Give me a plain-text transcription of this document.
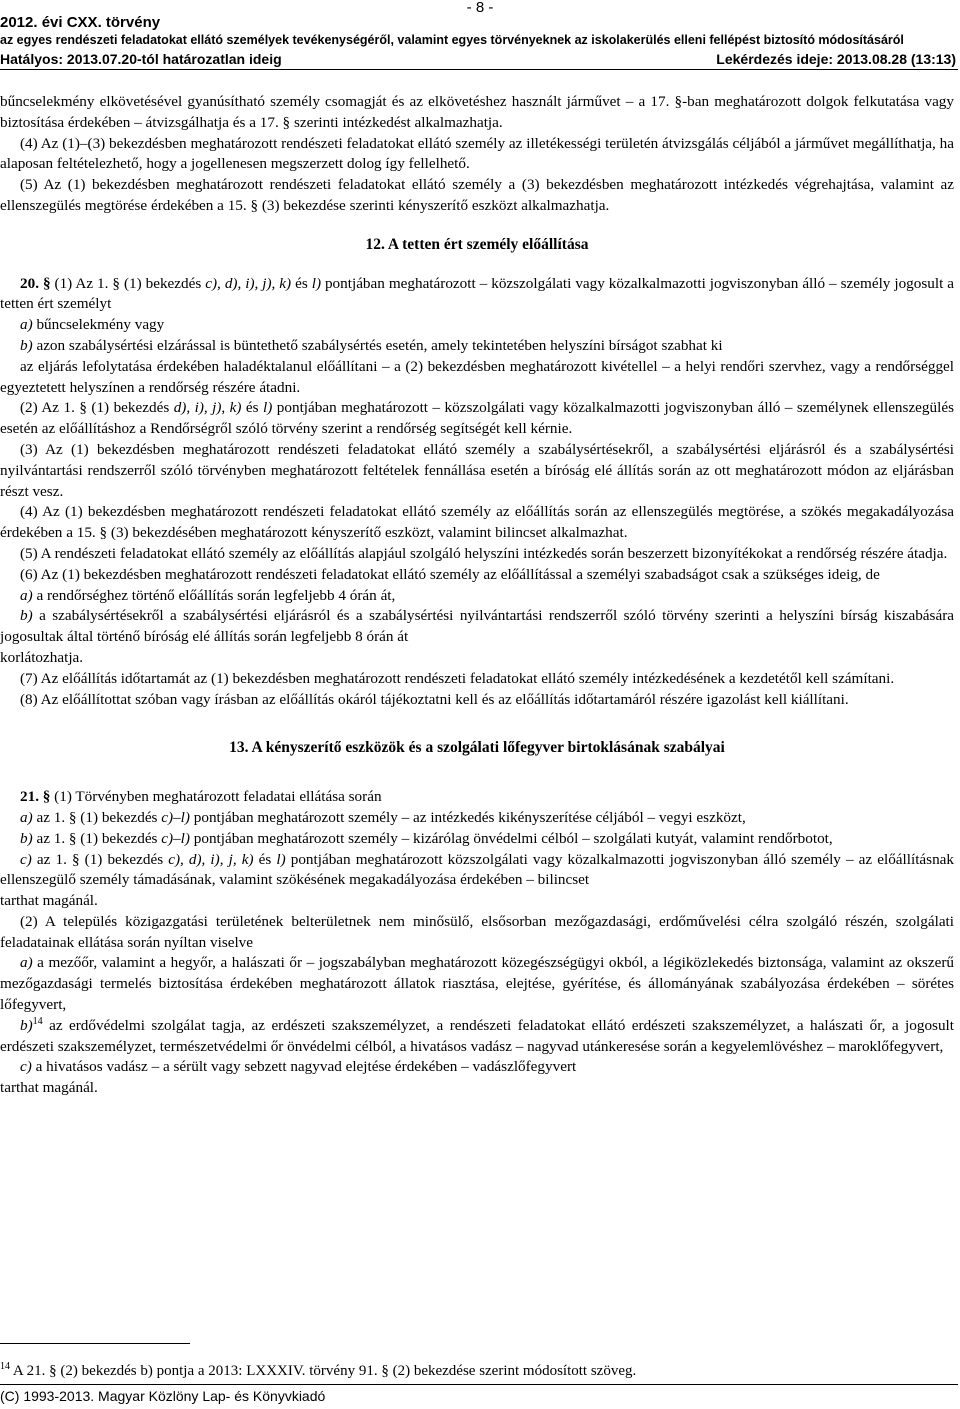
- 8 -
2012. évi CXX. törvény
az egyes rendészeti feladatokat ellátó személyek tevékenységéről, valamint egyes törvényeknek az iskolakerülés elleni fellépést biztosító módosításáról
Hatályos: 2013.07.20-tól határozatlan ideig	Lekérdezés ideje: 2013.08.28 (13:13)

bűncselekmény elkövetésével gyanúsítható személy csomagját és az elkövetéshez használt járművet – a 17. §-ban meghatározott dolgok felkutatása vagy biztosítása érdekében – átvizsgálhatja és a 17. § szerinti intézkedést alkalmazhatja.

(4) Az (1)–(3) bekezdésben meghatározott rendészeti feladatokat ellátó személy az illetékességi területén átvizsgálás céljából a járművet megállíthatja, ha alaposan feltételezhető, hogy a jogellenesen megszerzett dolog így fellelhető.

(5) Az (1) bekezdésben meghatározott rendészeti feladatokat ellátó személy a (3) bekezdésben meghatározott intézkedés végrehajtása, valamint az ellenszegülés megtörése érdekében a 15. § (3) bekezdése szerinti kényszerítő eszközt alkalmazhatja.

12. A tetten ért személy előállítása

20. § (1) Az 1. § (1) bekezdés c), d), i), j), k) és l) pontjában meghatározott – közszolgálati vagy közalkalmazotti jogviszonyban álló – személy jogosult a tetten ért személyt

a) bűncselekmény vagy

b) azon szabálysértési elzárással is büntethető szabálysértés esetén, amely tekintetében helyszíni bírságot szabhat ki

az eljárás lefolytatása érdekében haladéktalanul előállítani – a (2) bekezdésben meghatározott kivétellel – a helyi rendőri szervhez, vagy a rendőrséggel egyeztetett helyszínen a rendőrség részére átadni.

(2) Az 1. § (1) bekezdés d), i), j), k) és l) pontjában meghatározott – közszolgálati vagy közalkalmazotti jogviszonyban álló – személynek ellenszegülés esetén az előállításhoz a Rendőrségről szóló törvény szerint a rendőrség segítségét kell kérnie.

(3) Az (1) bekezdésben meghatározott rendészeti feladatokat ellátó személy a szabálysértésekről, a szabálysértési eljárásról és a szabálysértési nyilvántartási rendszerről szóló törvényben meghatározott feltételek fennállása esetén a bíróság elé állítás során az ott meghatározott módon az eljárásban részt vesz.

(4) Az (1) bekezdésben meghatározott rendészeti feladatokat ellátó személy az előállítás során az ellenszegülés megtörése, a szökés megakadályozása érdekében a 15. § (3) bekezdésében meghatározott kényszerítő eszközt, valamint bilincset alkalmazhat.

(5) A rendészeti feladatokat ellátó személy az előállítás alapjául szolgáló helyszíni intézkedés során beszerzett bizonyítékokat a rendőrség részére átadja.

(6) Az (1) bekezdésben meghatározott rendészeti feladatokat ellátó személy az előállítással a személyi szabadságot csak a szükséges ideig, de

a) a rendőrséghez történő előállítás során legfeljebb 4 órán át,

b) a szabálysértésekről a szabálysértési eljárásról és a szabálysértési nyilvántartási rendszerről szóló törvény szerinti a helyszíni bírság kiszabására jogosultak által történő bíróság elé állítás során legfeljebb 8 órán át

korlátozhatja.

(7) Az előállítás időtartamát az (1) bekezdésben meghatározott rendészeti feladatokat ellátó személy intézkedésének a kezdetétől kell számítani.

(8) Az előállítottat szóban vagy írásban az előállítás okáról tájékoztatni kell és az előállítás időtartamáról részére igazolást kell kiállítani.

13. A kényszerítő eszközök és a szolgálati lőfegyver birtoklásának szabályai

21. § (1) Törvényben meghatározott feladatai ellátása során

a) az 1. § (1) bekezdés c)–l) pontjában meghatározott személy – az intézkedés kikényszerítése céljából – vegyi eszközt,

b) az 1. § (1) bekezdés c)–l) pontjában meghatározott személy – kizárólag önvédelmi célból – szolgálati kutyát, valamint rendőrbotot,

c) az 1. § (1) bekezdés c), d), i), j, k) és l) pontjában meghatározott közszolgálati vagy közalkalmazotti jogviszonyban álló személy – az előállításnak ellenszegülő személy támadásának, valamint szökésének megakadályozása érdekében – bilincset

tarthat magánál.

(2) A település közigazgatási területének belterületnek nem minősülő, elsősorban mezőgazdasági, erdőművelési célra szolgáló részén, szolgálati feladatainak ellátása során nyíltan viselve

a) a mezőőr, valamint a hegyőr, a halászati őr – jogszabályban meghatározott közegészségügyi okból, a légiközlekedés biztonsága, valamint az okszerű mezőgazdasági termelés biztosítása érdekében meghatározott állatok riasztása, elejtése, gyérítése, és állományának szabályozása érdekében – sörétes lőfegyvert,

b)$^{14}$ az erdővédelmi szolgálat tagja, az erdészeti szakszemélyzet, a rendészeti feladatokat ellátó erdészeti szakszemélyzet, a halászati őr, a jogosult erdészeti szakszemélyzet, természetvédelmi őr önvédelmi célból, a hivatásos vadász – nagyvad utánkeresése során a kegyelemlövéshez – maroklőfegyvert,

c) a hivatásos vadász – a sérült vagy sebzett nagyvad elejtése érdekében – vadászlőfegyvert

tarthat magánál.

$^{14}$ A 21. § (2) bekezdés b) pontja a 2013: LXXXIV. törvény 91. § (2) bekezdése szerint módosított szöveg.
(C) 1993-2013. Magyar Közlöny Lap- és Könyvkiadó
